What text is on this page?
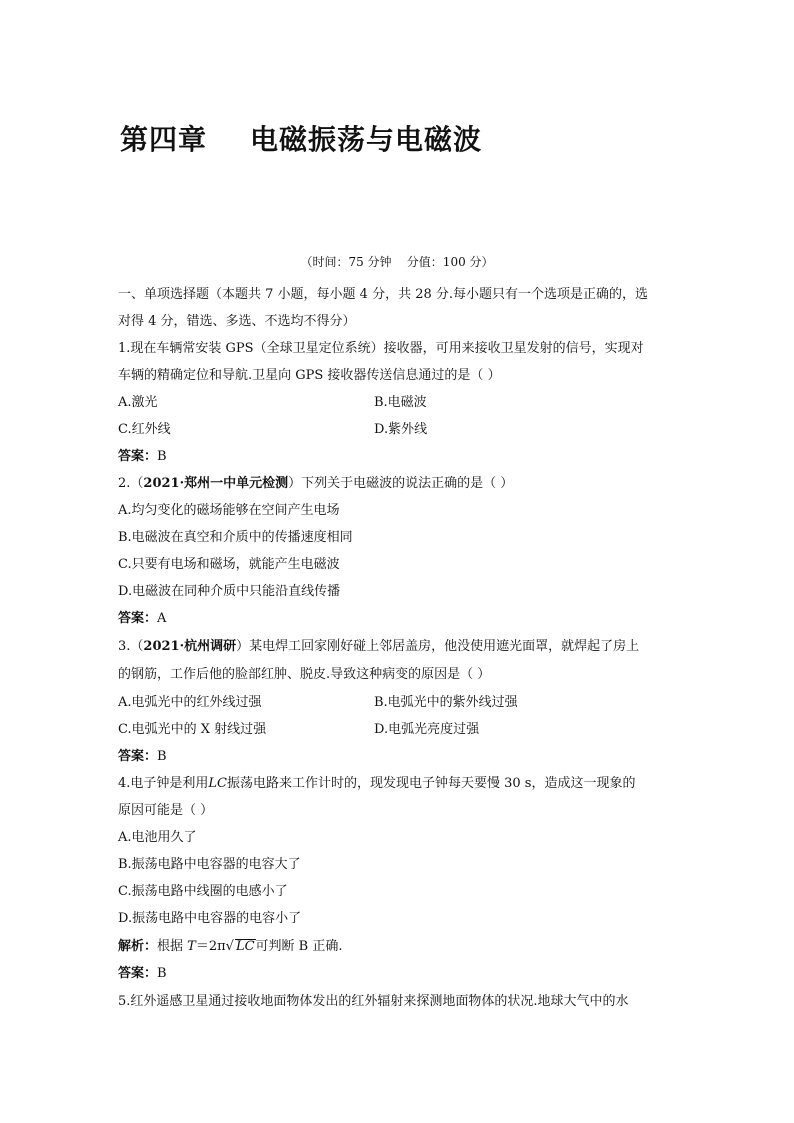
第四章    电磁振荡与电磁波
（时间：75 分钟    分值：100 分）
一、单项选择题（本题共 7 小题，每小题 4 分，共 28 分.每小题只有一个选项是正确的，选
对得 4 分，错选、多选、不选均不得分）
1.现在车辆常安装 GPS（全球卫星定位系统）接收器，可用来接收卫星发射的信号，实现对
车辆的精确定位和导航.卫星向 GPS 接收器传送信息通过的是（ ）
A.激光	B.电磁波
C.红外线	D.紫外线
答案：B
2.（2021·郑州一中单元检测）下列关于电磁波的说法正确的是（ ）
A.均匀变化的磁场能够在空间产生电场
B.电磁波在真空和介质中的传播速度相同
C.只要有电场和磁场，就能产生电磁波
D.电磁波在同种介质中只能沿直线传播
答案：A
3.（2021·杭州调研）某电焊工回家刚好碰上邻居盖房，他没使用遮光面罩，就焊起了房上
的钢筋，工作后他的脸部红肿、脱皮.导致这种病变的原因是（ ）
A.电弧光中的红外线过强	B.电弧光中的紫外线过强
C.电弧光中的 X 射线过强	D.电弧光亮度过强
答案：B
4.电子钟是利用LC振荡电路来工作计时的，现发现电子钟每天要慢 30 s，造成这一现象的
原因可能是（ ）
A.电池用久了
B.振荡电路中电容器的电容大了
C.振荡电路中线圈的电感小了
D.振荡电路中电容器的电容小了
解析：根据 T＝2π√ LC可判断 B 正确.
答案：B
5.红外遥感卫星通过接收地面物体发出的红外辐射来探测地面物体的状况.地球大气中的水
